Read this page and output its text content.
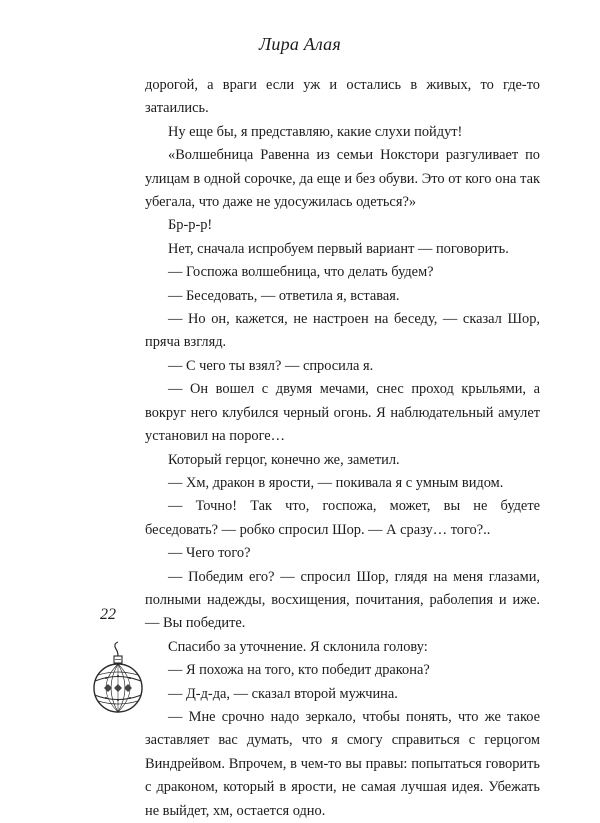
Лира Алая

дорогой, а враги если уж и остались в живых, то где-то затаились.

Ну еще бы, я представляю, какие слухи пойдут!

«Волшебница Равенна из семьи Нокстори разгуливает по улицам в одной сорочке, да еще и без обуви. Это от кого она так убегала, что даже не удосужилась одеться?»

Бр-р-р!

Нет, сначала испробуем первый вариант — поговорить.

— Госпожа волшебница, что делать будем?

— Беседовать, — ответила я, вставая.

— Но он, кажется, не настроен на беседу, — сказал Шор, пряча взгляд.

— С чего ты взял? — спросила я.

— Он вошел с двумя мечами, снес проход крыльями, а вокруг него клубился черный огонь. Я наблюдательный амулет установил на пороге…

Который герцог, конечно же, заметил.

— Хм, дракон в ярости, — покивала я с умным видом.

— Точно! Так что, госпожа, может, вы не будете беседовать? — робко спросил Шор. — А сразу… того?..

— Чего того?

— Победим его? — спросил Шор, глядя на меня глазами, полными надежды, восхищения, почитания, раболепия и иже. — Вы победите.

Спасибо за уточнение. Я склонила голову:

— Я похожа на того, кто победит дракона?

— Д-д-да, — сказал второй мужчина.

— Мне срочно надо зеркало, чтобы понять, что же такое заставляет вас думать, что я смогу справиться с герцогом Виндрейвом. Впрочем, в чем-то вы правы: попытаться говорить с драконом, который в ярости, не самая лучшая идея. Убежать не выйдет, хм, остается одно.

22
